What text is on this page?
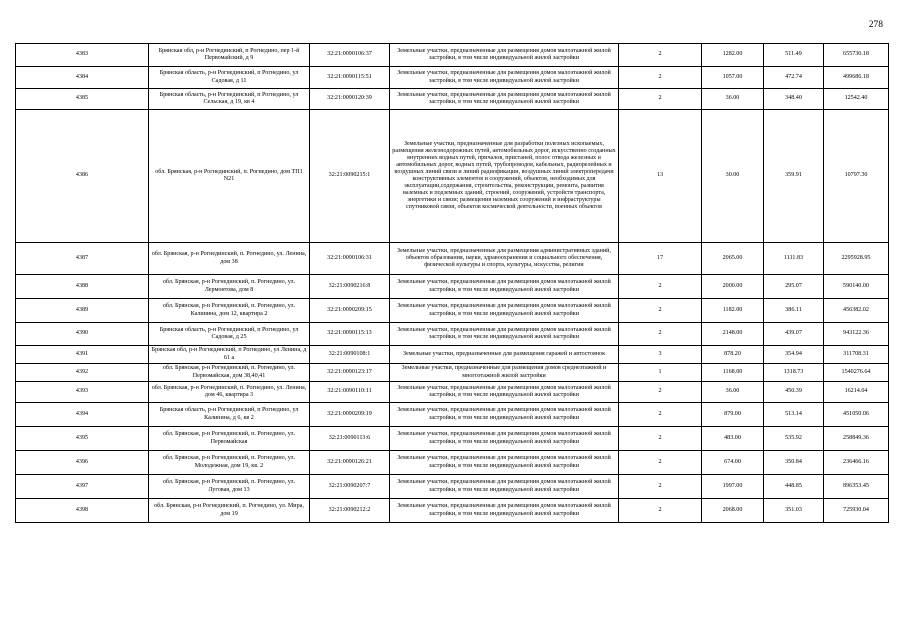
278
4383	Брянская обл, р-н Рогнединский, п Рогнедино, пер 1-й Первомайский, д 9	32:21:0090106:37	Земельные участки, предназначенные для размещения домов малоэтажной жилой застройки, в том числе индивидуальной жилой застройки	2	1282.00	511.49	655730.18
4384	Брянская область, р-н Рогнединский, п Рогнедино, ул Садовая, д 11	32:21:0090115:51	Земельные участки, предназначенные для размещения домов малоэтажной жилой застройки, в том числе индивидуальной жилой застройки	2	1057.00	472.74	499686.18
4385	Брянская область, р-н Рогнединский, п Рогнедино, ул Сельская, д 19, кв 4	32:21:0090120:39	Земельные участки, предназначенные для размещения домов малоэтажной жилой застройки, в том числе индивидуальной жилой застройки	2	36.00	348.40	12542.40
4386	обл. Брянская, р-н Рогнединский, п. Рогнедино, дом ТП1 N21	32:21:0090215:1	Земельные участки, предназначенные для разработки полезных ископаемых, размещения железнодорожных путей, автомобильных дорог, искусственно созданных внутренних водных путей, причалов, пристаней, полос отвода железных и автомобильных дорог, водных путей, трубопроводов, кабельных, радиорелейных и воздушных линий связи и линий радиофикации, воздушных линий электропередачи конструктивных элементов и сооружений, объектов, необходимых для эксплуатации,содержания, строительства, реконструкции, ремонта, развития наземных и подземных зданий, строений, сооружений, устройств транспорта, энергетики и связи; размещения наземных сооружений и инфраструктуры спутниковой связи, объектов космической деятельности, военных объектов	13	30.00	359.91	10797.30
4387	обл. Брянская, р-н Рогнединский, п. Рогнедино, ул. Ленина, дом 38	32:21:0090106:31	Земельные участки, предназначенные для размещения административных зданий, объектов образования, науки, здравоохранения и социального обеспечения, физической культуры и спорта, культуры, искусства, религии	17	2065.00	1111.83	2295928.95
4388	обл. Брянская, р-н Рогнединский, п. Рогнедино, ул. Лермонтова, дом 8	32:21:0090216:8	Земельные участки, предназначенные для размещения домов малоэтажной жилой застройки, в том числе индивидуальной жилой застройки	2	2000.00	295.07	590140.00
4389	обл. Брянская, р-н Рогнединский, п. Рогнедино, ул. Калинина, дом 12, квартира 2	32:21:0090209:15	Земельные участки, предназначенные для размещения домов малоэтажной жилой застройки, в том числе индивидуальной жилой застройки	2	1182.00	386.11	456382.02
4390	Брянская область, р-н Рогнединский, п Рогнедино, ул Садовая, д 25	32:21:0090115:13	Земельные участки, предназначенные для размещения домов малоэтажной жилой застройки, в том числе индивидуальной жилой застройки	2	2148.00	439.07	943122.36
4391	Брянская обл, р-н Рогнединский, п Рогнедино, ул Ленина, д 61 а	32:21:0090108:1	Земельные участки, предназначенные для размещения гаражей и автостоянок	3	878.20	354.94	311708.31
4392	обл. Брянская, р-н Рогнединский, п. Рогнедино, ул. Первомайская, дом 38,40,41	32:21:0090123:17	Земельные участки, предназначенные для размещения домов среднеэтажной и многоэтажной жилой застройки	1	1168.00	1318.73	1540276.64
4393	обл. Брянская, р-н Рогнединский, п. Рогнедино, ул. Ленина, дом 46, квартира 3	32:21:0090110:11	Земельные участки, предназначенные для размещения домов малоэтажной жилой застройки, в том числе индивидуальной жилой застройки	2	36.00	450.39	16214.04
4394	Брянская область, р-н Рогнединский, п Рогнедино, ул Калинина, д 6, кв 2	32:21:0090209:19	Земельные участки, предназначенные для размещения домов малоэтажной жилой застройки, в том числе индивидуальной жилой застройки	2	879.00	513.14	451050.06
4395	обл. Брянская, р-н Рогнединский, п. Рогнедино, ул. Первомайская	32:21:0090113:6	Земельные участки, предназначенные для размещения домов малоэтажной жилой застройки, в том числе индивидуальной жилой застройки	2	483.00	535.92	258849.36
4396	обл. Брянская, р-н Рогнединский, п. Рогнедино, ул. Молодежная, дом 19, кв. 2	32:21:0090126:21	Земельные участки, предназначенные для размещения домов малоэтажной жилой застройки, в том числе индивидуальной жилой застройки	2	674.00	350.84	236466.16
4397	обл. Брянская, р-н Рогнединский, п. Рогнедино, ул. Луговая, дом 13	32:21:0090207:7	Земельные участки, предназначенные для размещения домов малоэтажной жилой застройки, в том числе индивидуальной жилой застройки	2	1997.00	448.85	896353.45
4398	обл. Брянская, р-н Рогнединский, п. Рогнедино, ул. Мира, дом 19	32:21:0090212:2	Земельные участки, предназначенные для размещения домов малоэтажной жилой застройки, в том числе индивидуальной жилой застройки	2	2068.00	351.03	725930.04
